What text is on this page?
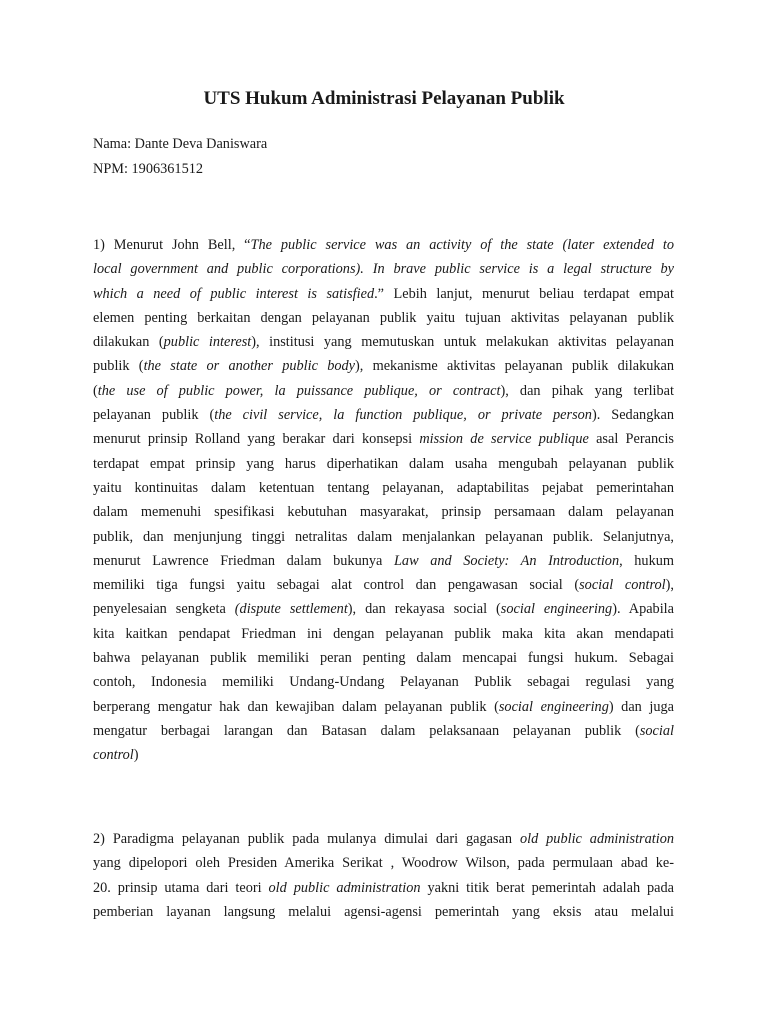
UTS Hukum Administrasi Pelayanan Publik
Nama: Dante Deva Daniswara
NPM: 1906361512

1) Menurut John Bell, “The public service was an activity of the state (later extended to
local government and public corporations). In brave public service is a legal structure by
which a need of public interest is satisfied.” Lebih lanjut, menurut beliau terdapat empat
elemen penting berkaitan dengan pelayanan publik yaitu tujuan aktivitas pelayanan publik
dilakukan (public interest), institusi yang memutuskan untuk melakukan aktivitas pelayanan
publik (the state or another public body), mekanisme aktivitas pelayanan publik dilakukan
(the use of public power, la puissance publique, or contract), dan pihak yang terlibat
pelayanan publik (the civil service, la function publique, or private person). Sedangkan
menurut prinsip Rolland yang berakar dari konsepsi mission de service publique asal Perancis
terdapat empat prinsip yang harus diperhatikan dalam usaha mengubah pelayanan publik
yaitu kontinuitas dalam ketentuan tentang pelayanan, adaptabilitas pejabat pemerintahan
dalam memenuhi spesifikasi kebutuhan masyarakat, prinsip persamaan dalam pelayanan
publik, dan menjunjung tinggi netralitas dalam menjalankan pelayanan publik. Selanjutnya,
menurut Lawrence Friedman dalam bukunya Law and Society: An Introduction, hukum
memiliki tiga fungsi yaitu sebagai alat control dan pengawasan social (social control),
penyelesaian sengketa (dispute settlement), dan rekayasa social (social engineering). Apabila
kita kaitkan pendapat Friedman ini dengan pelayanan publik maka kita akan mendapati
bahwa pelayanan publik memiliki peran penting dalam mencapai fungsi hukum. Sebagai
contoh, Indonesia memiliki Undang-Undang Pelayanan Publik sebagai regulasi yang
berperang mengatur hak dan kewajiban dalam pelayanan publik (social engineering) dan juga
mengatur berbagai larangan dan Batasan dalam pelaksanaan pelayanan publik (social
control)

2) Paradigma pelayanan publik pada mulanya dimulai dari gagasan old public administration
yang dipelopori oleh Presiden Amerika Serikat , Woodrow Wilson, pada permulaan abad ke-
20. prinsip utama dari teori old public administration yakni titik berat pemerintah adalah pada
pemberian layanan langsung melalui agensi-agensi pemerintah yang eksis atau melalui
